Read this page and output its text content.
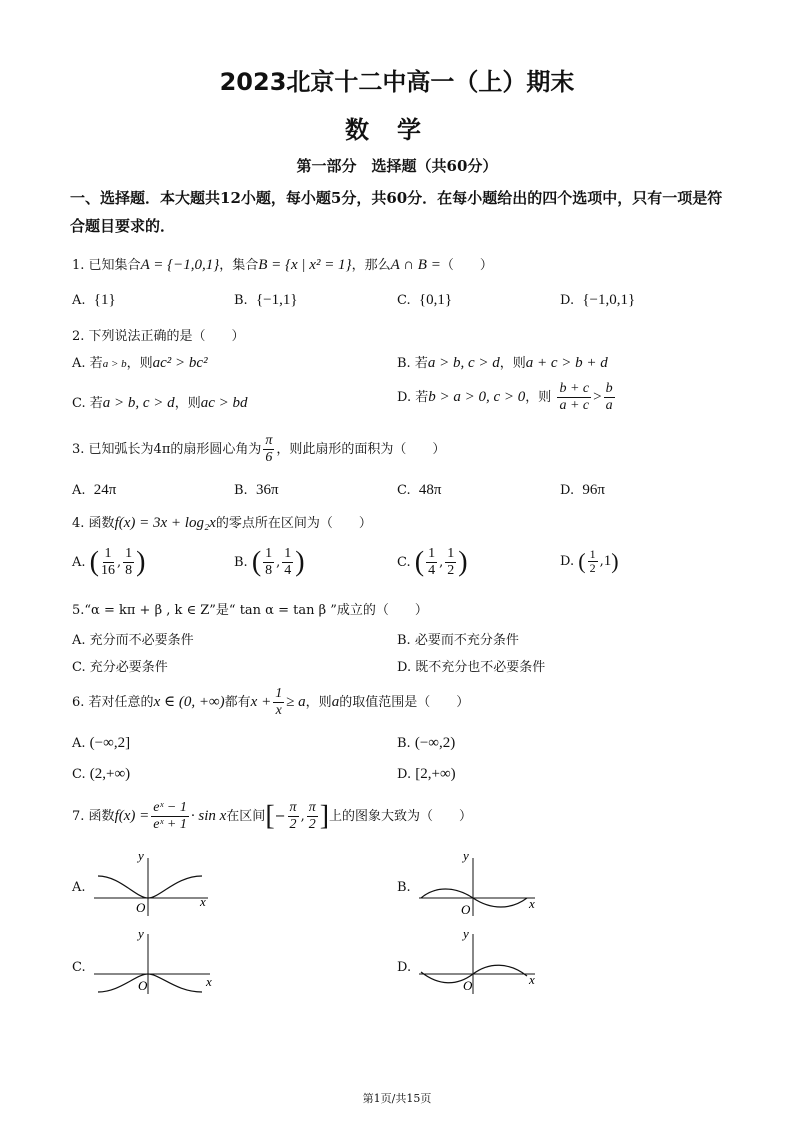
2023北京十二中高一（上）期末
数学
第一部分　选择题（共60分）
一、选择题．本大题共12小题，每小题5分，共60分．在每小题给出的四个选项中，只有一项是符合题目要求的．
1. 已知集合A = {−1,0,1}，集合B = {x | x² = 1}，那么A ∩ B =（　　）
A. {1}	B. {−1,1}	C. {0,1}	D. {−1,0,1}
2. 下列说法正确的是（　　）
A. 若a > b，则ac² > bc²	B. 若a > b, c > d，则a + c > b + d
C. 若a > b, c > d，则ac > bd	D. 若b > a > 0, c > 0，则 $\frac{b + c}{a + c} > \frac{b}{a}$
3. 已知弧长为4π的扇形圆心角为 $\frac{\pi}{6}$ ，则此扇形的面积为（　　）
A. 24π	B. 36π	C. 48π	D. 96π
4. 函数f(x) = 3x + log₂x的零点所在区间为（　　）
A. ( $\frac{1}{16}$ , $\frac{1}{8}$ )	B. ( $\frac{1}{8}$ , $\frac{1}{4}$ )	C. ( $\frac{1}{4}$ , $\frac{1}{2}$ )	D. ( $\frac{1}{2} ,1$)
5.“α = kπ + β , k ∈ Z”是“ tan α = tan β ”成立的（　　）
A. 充分而不必要条件	B. 必要而不充分条件
C. 充分必要条件	D. 既不充分也不必要条件
6. 若对任意的x ∈ (0, +∞)都有$x + \frac{1}{x} \ge a$，则a的取值范围是（　　）
A. (−∞,2]	B. (−∞,2)
C. (2,+∞)	D. [2,+∞)
7. 函数$f(x) = \frac{\text{eˣ − 1}}{\text{eˣ + 1}} \cdot \sin x$在区间[− $\frac{\pi}{2}$ , $\frac{\pi}{2}$ ]上的图象大致为（　　）
A.
y
O	x
B.
y
O	x
C.
y
O	x
D.
y
O	x
第1页/共15页
